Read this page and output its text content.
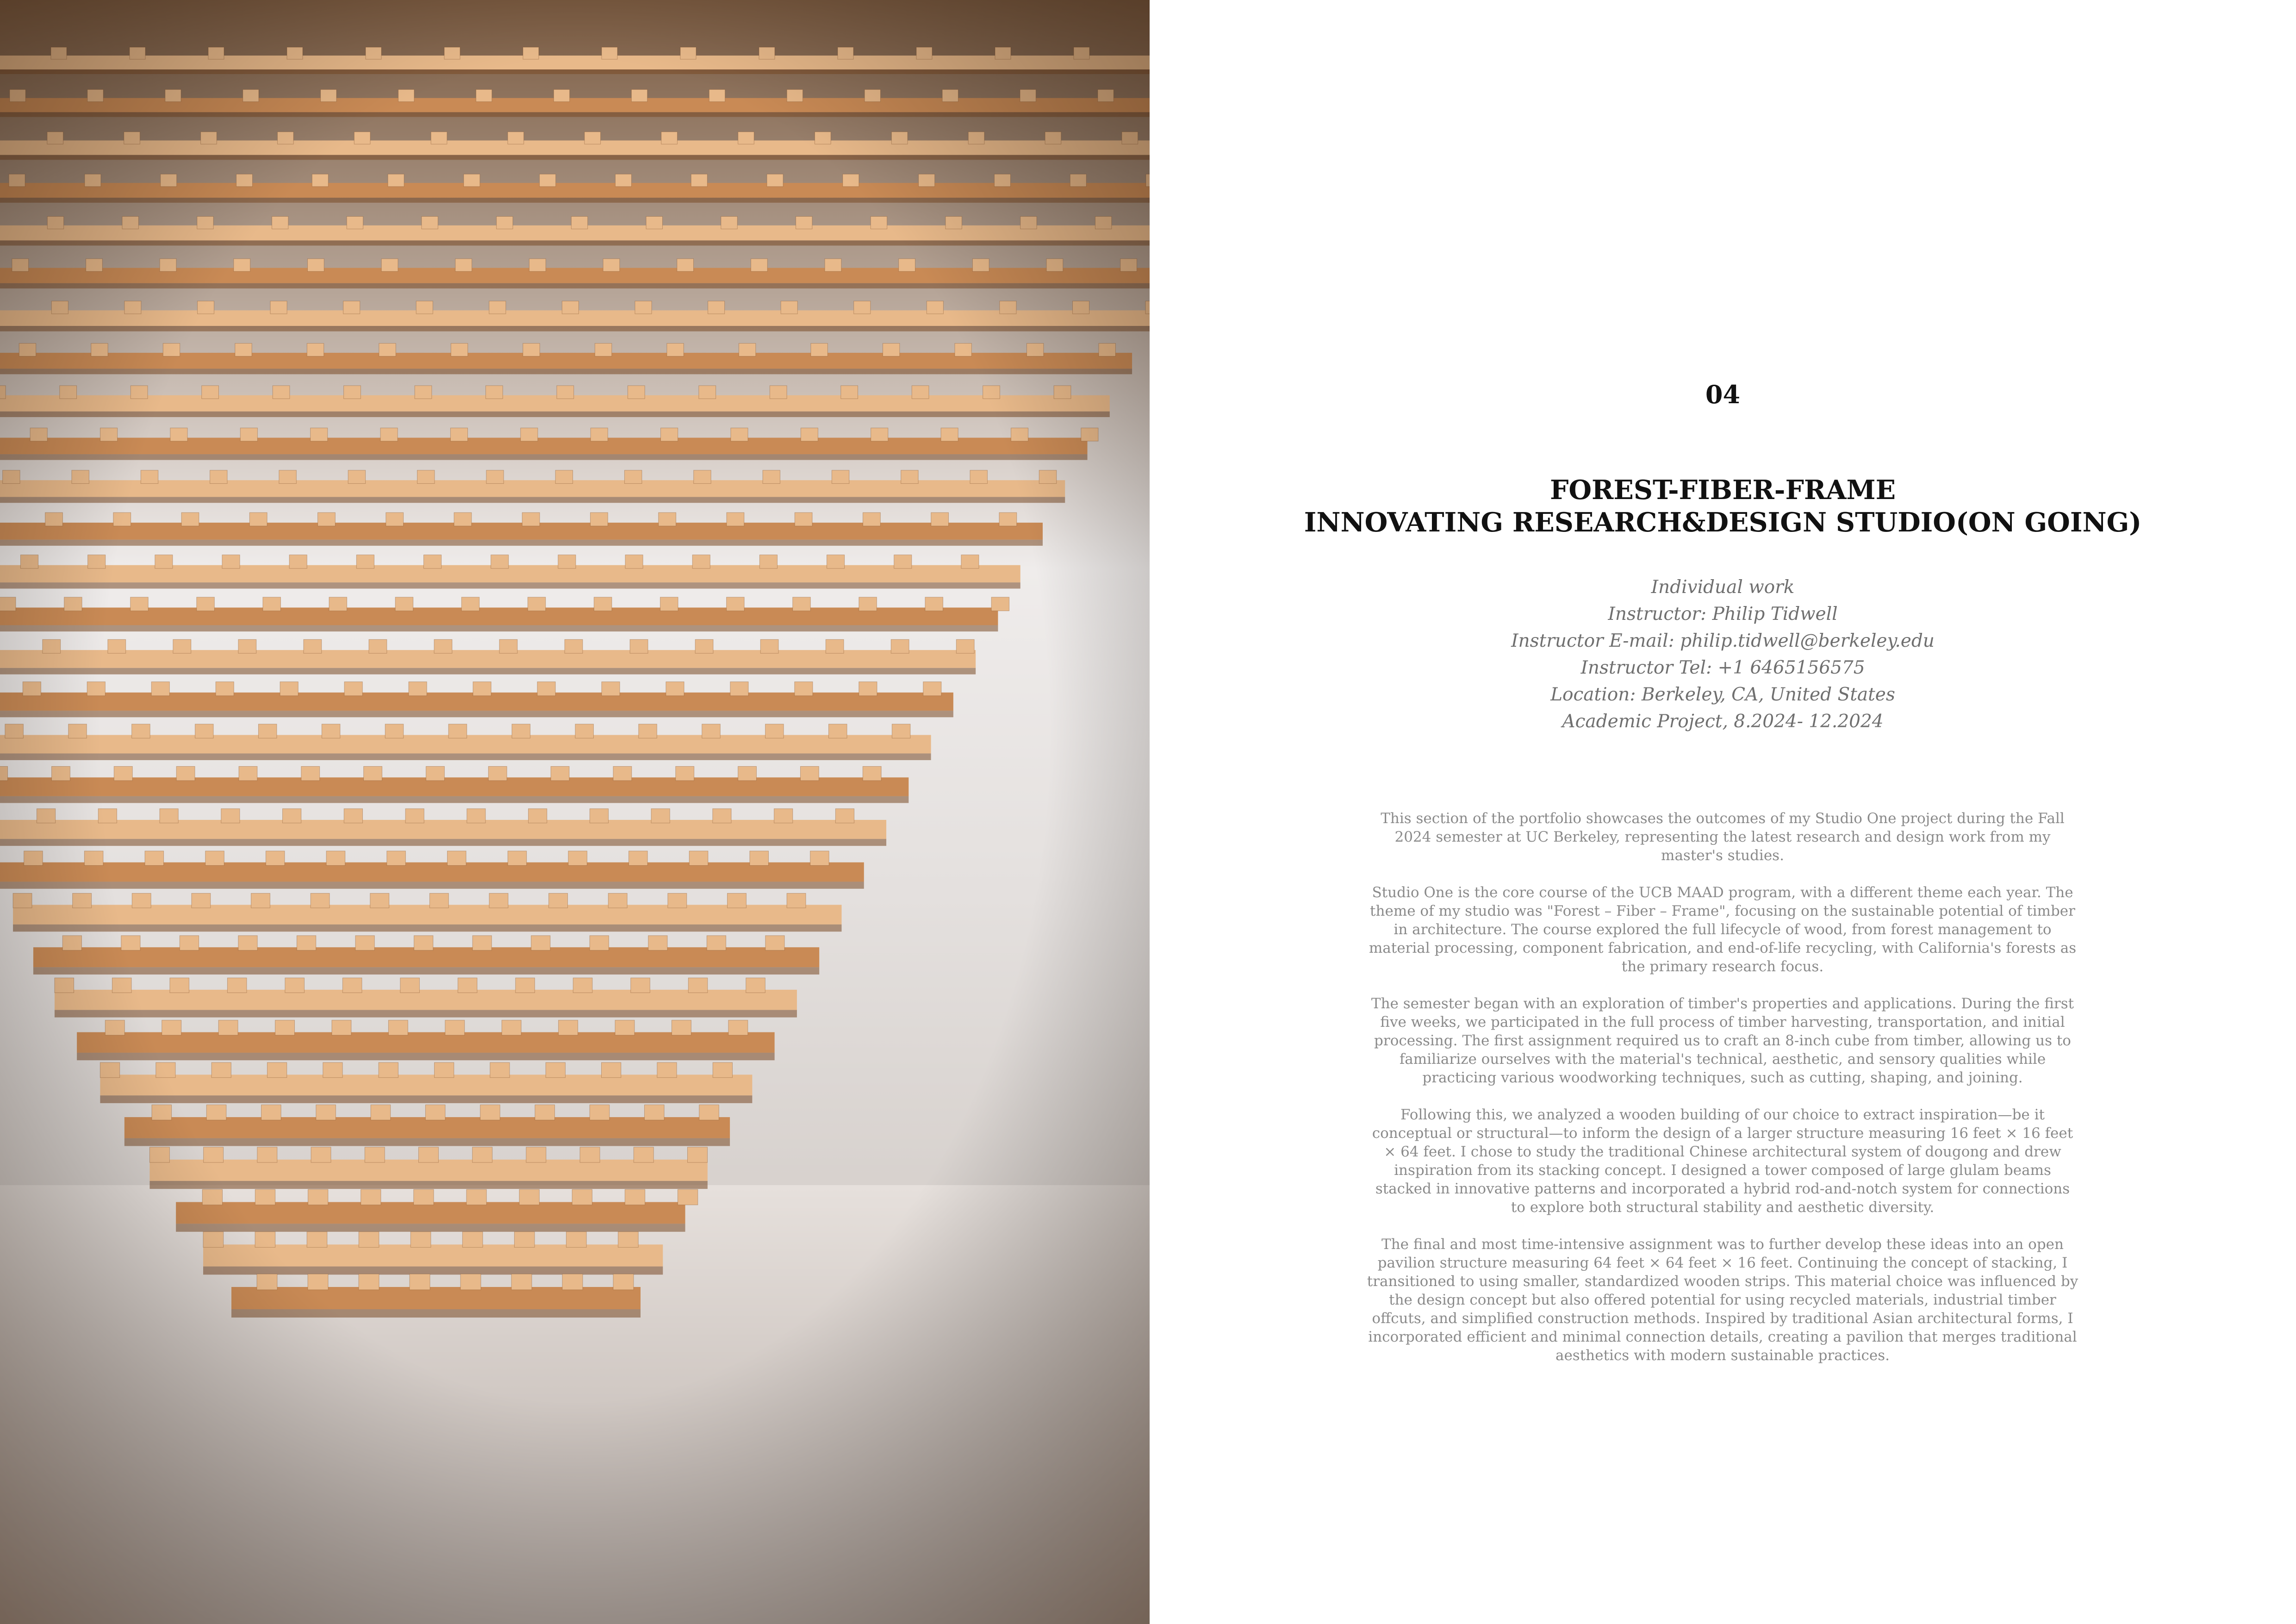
04
FOREST-FIBER-FRAME
INNOVATING RESEARCH&DESIGN STUDIO(ON GOING)
Individual work
Instructor: Philip Tidwell
Instructor E-mail: philip.tidwell@berkeley.edu
Instructor Tel: +1 6465156575
Location: Berkeley, CA, United States
Academic Project, 8.2024- 12.2024

This section of the portfolio showcases the outcomes of my Studio One project during the Fall 2024 semester at UC Berkeley, representing the latest research and design work from my master's studies.

Studio One is the core course of the UCB MAAD program, with a different theme each year. The theme of my studio was "Forest – Fiber – Frame", focusing on the sustainable potential of timber in architecture. The course explored the full lifecycle of wood, from forest management to material processing, component fabrication, and end-of-life recycling, with California's forests as the primary research focus.

The semester began with an exploration of timber's properties and applications. During the first five weeks, we participated in the full process of timber harvesting, transportation, and initial processing. The first assignment required us to craft an 8-inch cube from timber, allowing us to familiarize ourselves with the material's technical, aesthetic, and sensory qualities while practicing various woodworking techniques, such as cutting, shaping, and joining.

Following this, we analyzed a wooden building of our choice to extract inspiration—be it conceptual or structural—to inform the design of a larger structure measuring 16 feet × 16 feet × 64 feet. I chose to study the traditional Chinese architectural system of dougong and drew inspiration from its stacking concept. I designed a tower composed of large glulam beams stacked in innovative patterns and incorporated a hybrid rod-and-notch system for connections to explore both structural stability and aesthetic diversity.

The final and most time-intensive assignment was to further develop these ideas into an open pavilion structure measuring 64 feet × 64 feet × 16 feet. Continuing the concept of stacking, I transitioned to using smaller, standardized wooden strips. This material choice was influenced by the design concept but also offered potential for using recycled materials, industrial timber offcuts, and simplified construction methods. Inspired by traditional Asian architectural forms, I incorporated efficient and minimal connection details, creating a pavilion that merges traditional aesthetics with modern sustainable practices.
